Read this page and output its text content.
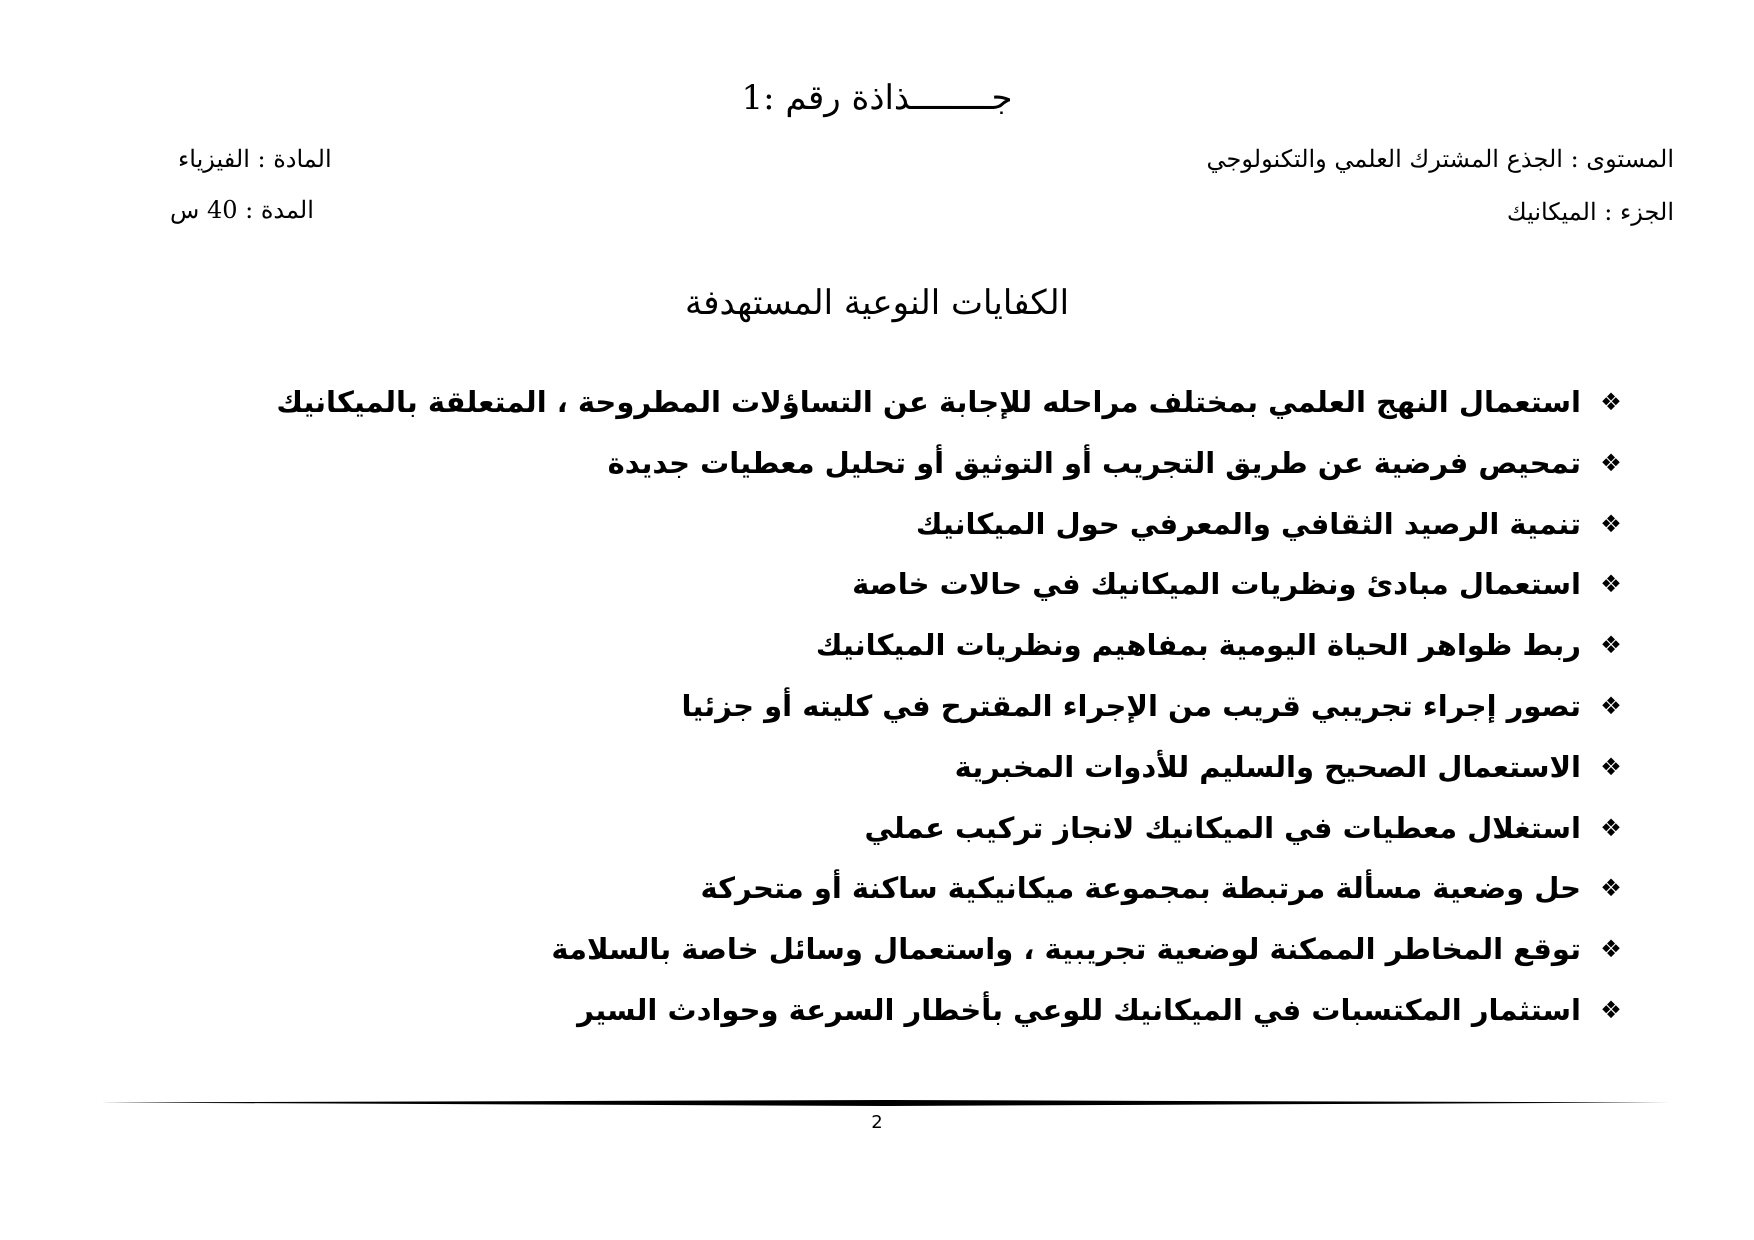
جــــــــذاذة رقم :1
المستوى : الجذع المشترك العلمي والتكنولوجي
الجزء : الميكانيك
المادة : الفيزياء
المدة : 40 س
الكفايات النوعية المستهدفة
❖استعمال النهج العلمي بمختلف مراحله للإجابة عن التساؤلات المطروحة ، المتعلقة بالميكانيك
❖تمحيص فرضية عن طريق التجريب أو التوثيق أو تحليل معطيات جديدة
❖تنمية الرصيد الثقافي والمعرفي حول الميكانيك
❖استعمال مبادئ ونظريات الميكانيك في حالات خاصة
❖ربط ظواهر الحياة اليومية بمفاهيم ونظريات الميكانيك
❖تصور إجراء تجريبي قريب من الإجراء المقترح في كليته أو جزئيا
❖الاستعمال الصحيح والسليم للأدوات المخبرية
❖استغلال معطيات في الميكانيك لانجاز تركيب عملي
❖حل وضعية مسألة مرتبطة بمجموعة ميكانيكية ساكنة أو متحركة
❖توقع المخاطر الممكنة لوضعية تجريبية ، واستعمال وسائل خاصة بالسلامة
❖استثمار المكتسبات في الميكانيك للوعي بأخطار السرعة وحوادث السير
2
